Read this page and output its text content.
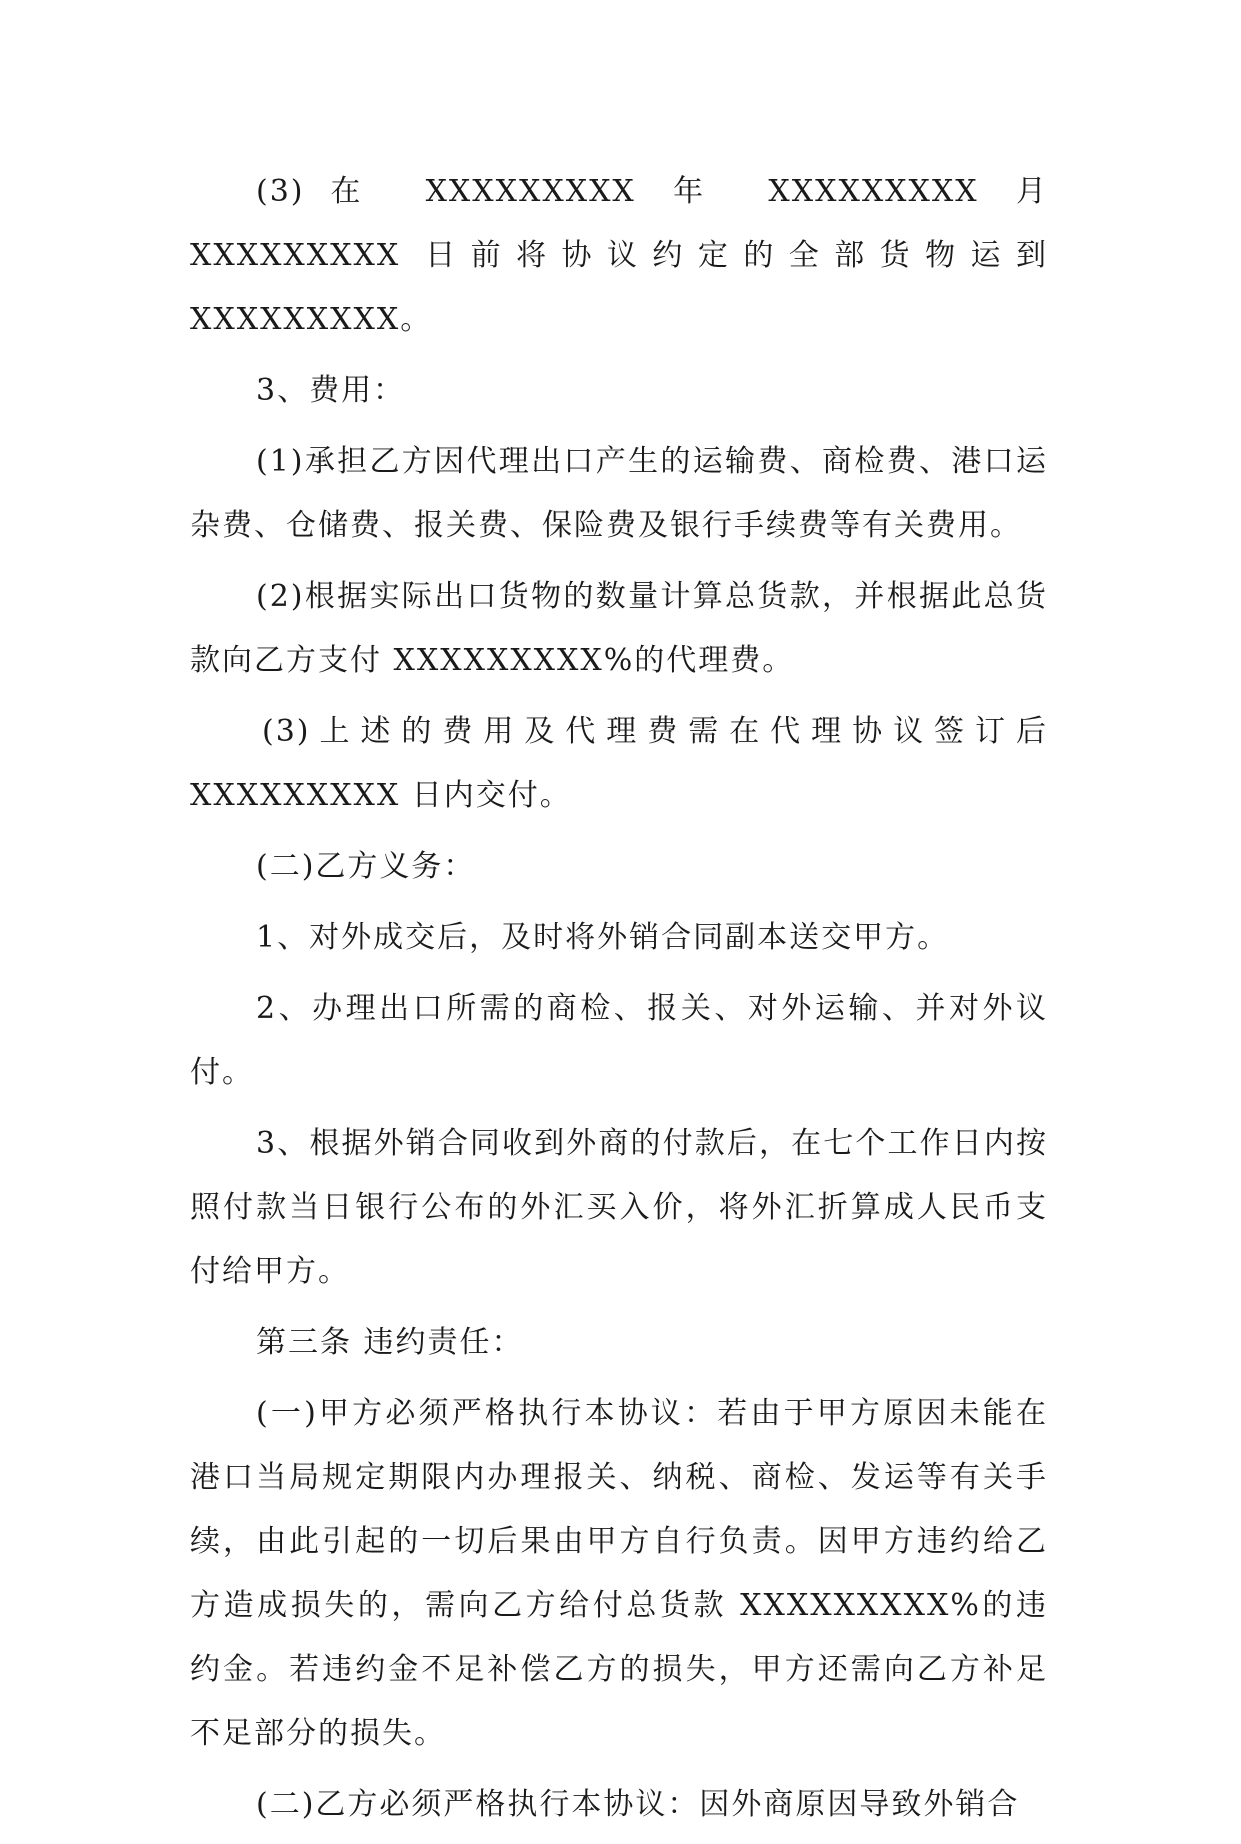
(3)在 XXXXXXXXX 年 XXXXXXXXX 月 XXXXXXXXX 日前将协议约定的全部货物运到 XXXXXXXXX。

3、费用：

(1)承担乙方因代理出口产生的运输费、商检费、港口运杂费、仓储费、报关费、保险费及银行手续费等有关费用。

(2)根据实际出口货物的数量计算总货款，并根据此总货款向乙方支付 XXXXXXXXX%的代理费。

(3)上述的费用及代理费需在代理协议签订后 XXXXXXXXX 日内交付。

(二)乙方义务：

1、对外成交后，及时将外销合同副本送交甲方。

2、办理出口所需的商检、报关、对外运输、并对外议付。

3、根据外销合同收到外商的付款后，在七个工作日内按照付款当日银行公布的外汇买入价，将外汇折算成人民币支付给甲方。

第三条 违约责任：

(一)甲方必须严格执行本协议：若由于甲方原因未能在港口当局规定期限内办理报关、纳税、商检、发运等有关手续，由此引起的一切后果由甲方自行负责。因甲方违约给乙方造成损失的，需向乙方给付总货款 XXXXXXXXX%的违约金。若违约金不足补偿乙方的损失，甲方还需向乙方补足不足部分的损失。

(二)乙方必须严格执行本协议：因外商原因导致外销合
